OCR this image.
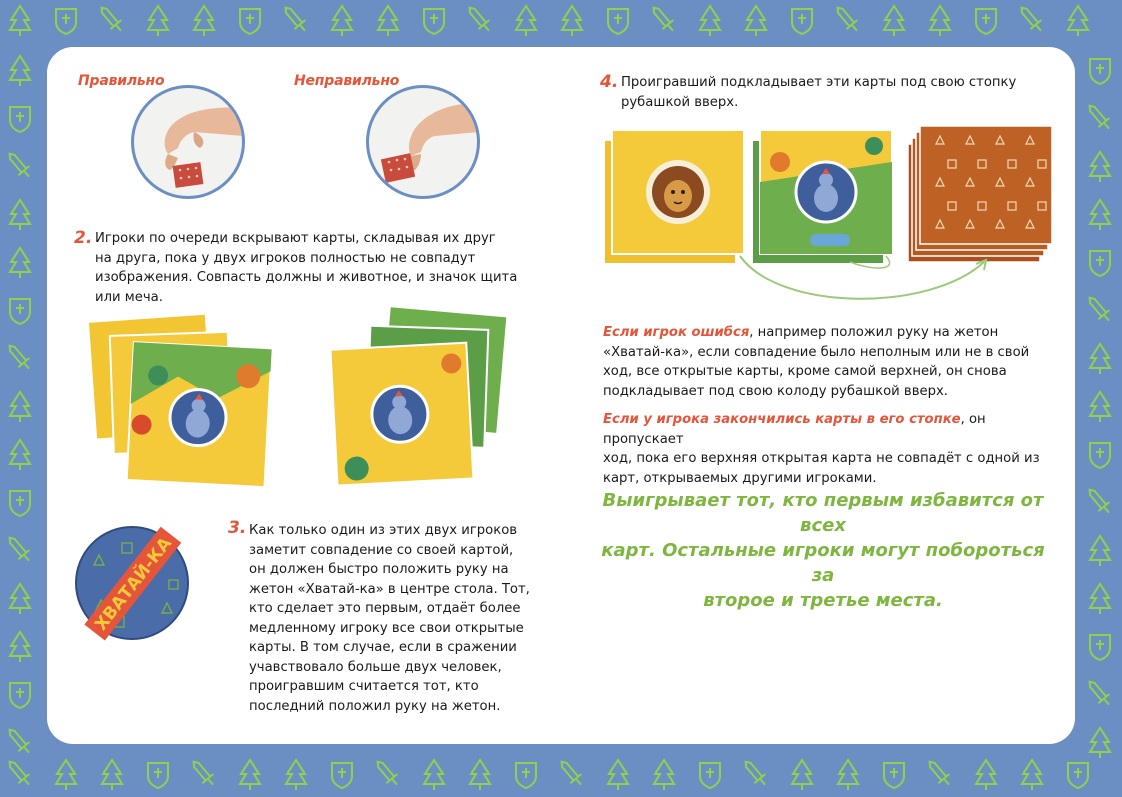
Правильно	Неправильно
2. Игроки по очереди вскрывают карты, складывая их друг
на друга, пока у двух игроков полностью не совпадут
изображения. Совпасть должны и животное, и значок щита
или меча.
ХВАТАЙ-КА
3. Как только один из этих двух игроков
заметит совпадение со своей картой,
он должен быстро положить руку на
жетон «Хватай-ка» в центре стола. Тот,
кто сделает это первым, отдаёт более
медленному игроку все свои открытые
карты. В том случае, если в сражении
учавствовало больше двух человек,
проигравшим считается тот, кто
последний положил руку на жетон.
4. Проигравший подкладывает эти карты под свою стопку
рубашкой вверх.
Если игрок ошибся, например положил руку на жетон
«Хватай-ка», если совпадение было неполным или не в свой
ход, все открытые карты, кроме самой верхней, он снова
подкладывает под свою колоду рубашкой вверх.
Если у игрока закончились карты в его стопке, он пропускает
ход, пока его верхняя открытая карта не совпадёт с одной из
карт, открываемых другими игроками.
Выигрывает тот, кто первым избавится от всех
карт. Остальные игроки могут побороться за
второе и третье места.
